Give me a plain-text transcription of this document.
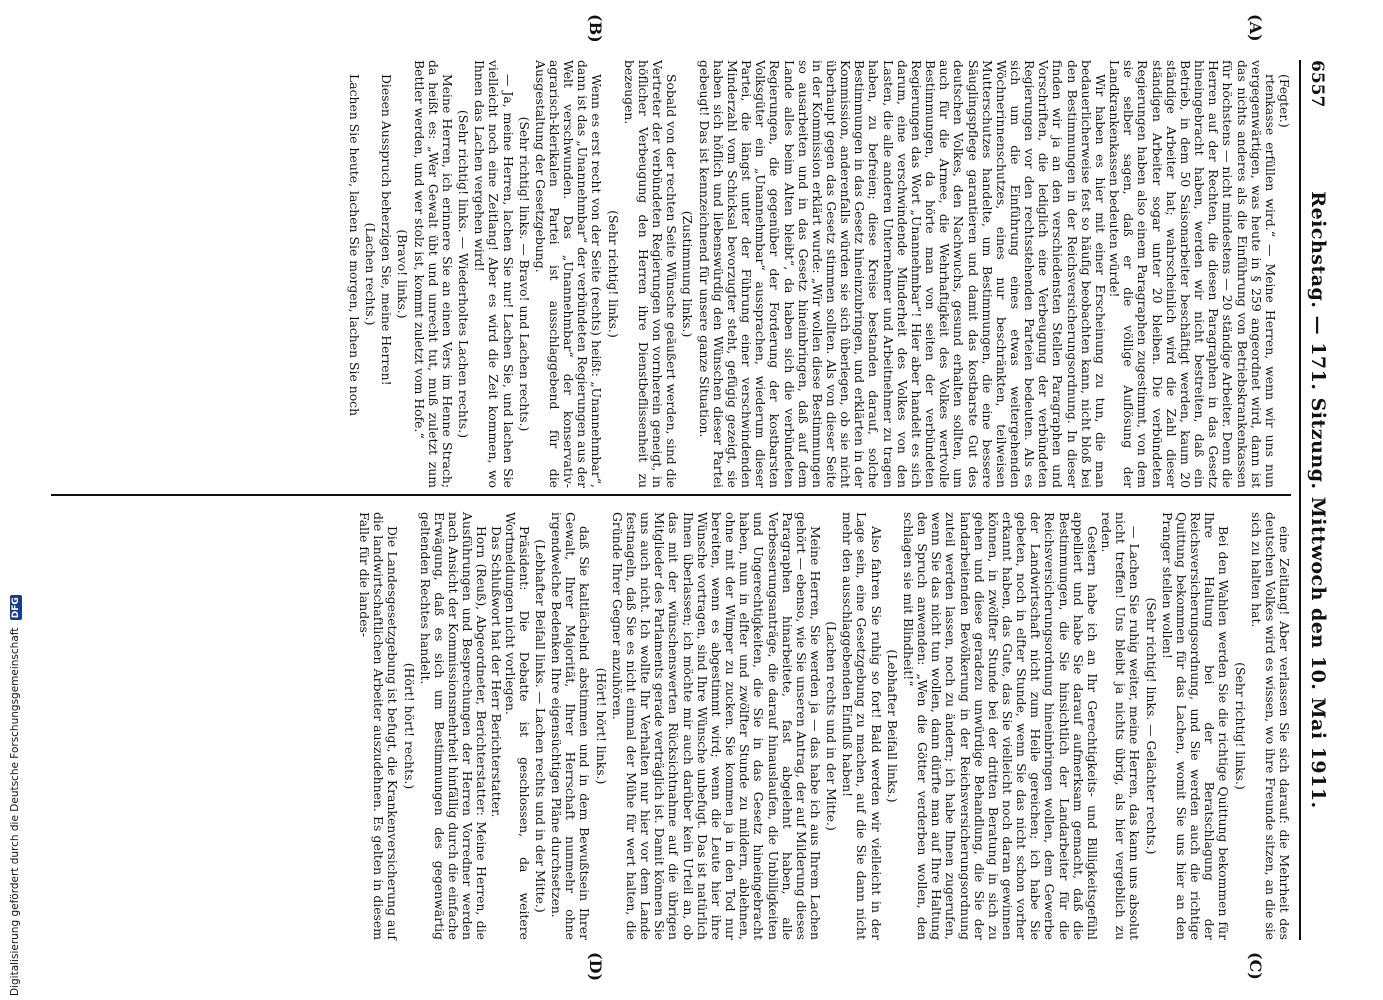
6557
Reichstag. — 171. Sitzung. Mittwoch den 10. Mai 1911.
(C)
(D)
(A)
(B)

(Fegter.)

rtenkasse erfüllen wird.“ — Meine Herren, wenn wir uns nun vergegenwärtigen, was heute in § 259 angeordnet wird, dann ist das nichts anderes als die Einführung von Betriebskrankenkassen für höchstens — nicht mindestens — 20 ständige Arbeiter. Denn die Herren auf der Rechten, die diesen Paragraphen in das Gesetz hineingebracht haben, werden wir nicht bestreiten, daß ein Betrieb, in dem 50 Saisonarbeiter beschäftigt werden, kaum 20 ständige Arbeiter hat; wahrscheinlich wird die Zahl dieser ständigen Arbeiter sogar unter 20 bleiben. Die verbündeten Regierungen haben also einem Paragraphen zugestimmt, von dem sie selber sagen, daß er die völlige Auflösung der Landkrankenkassen bedeuten würde!

Wir haben es hier mit einer Erscheinung zu tun, die man bedauerlicherweise fest so häufig beobachten kann, nicht bloß bei den Bestimmungen in der Reichsversicherungsordnung. In dieser finden wir ja an den verschiedensten Stellen Paragraphen und Vorschriften, die lediglich eine Verbeugung der verbündeten Regierungen vor den rechtsstehenden Parteien bedeuten. Als es sich um die Einführung eines etwas weitergehenden Wöchnerinnenschutzes, eines nur beschränkten, teilweisen Mutterschutzes handelte, um Bestimmungen, die eine bessere Säuglingspflege garantieren und damit das kostbarste Gut des deutschen Volkes, den Nachwuchs, gesund erhalten sollten, um auch für die Armee, die Wehrhaftigkeit des Volkes wertvolle Bestimmungen, da hörte man von seiten der verbündeten Regierungen das Wort „Unannehmbar“! Hier aber handelt es sich darum, eine verschwindende Minderheit des Volkes von den Lasten, die alle anderen Unternehmer und Arbeitnehmer zu tragen haben, zu befreien; diese Kreise bestanden darauf, solche Bestimmungen in das Gesetz hineinzubringen, und erklärten in der Kommission, anderenfalls würden sie sich überlegen, ob sie nicht überhaupt gegen das Gesetz stimmen sollten. Als von dieser Seite in der Kommission erklärt wurde: „Wir wollen diese Bestimmungen so ausarbeiten und in das Gesetz hineinbringen, daß auf dem Lande alles beim Alten bleibt“, da haben sich die verbündeten Regierungen, die gegenüber der Forderung der kostbarsten Volksgüter ein „Unannehmbar“ aussprachen, wiederum dieser Partei, die längst unter der Führung einer verschwindenden Minderzahl vom Schicksal bevorzugter steht, gefügig gezeigt, sie haben sich höflich und liebenswürdig den Wünschen dieser Partei gebeugt! Das ist kennzeichnend für unsere ganze Situation.

(Zustimmung links.)

Sobald von der rechten Seite Wünsche geäußert werden, sind die Vertreter der verbündeten Regierungen von vornherein geneigt, in höflicher Verbeugung den Herren ihre Dienstbeflissenheit zu bezeugen.

(Sehr richtig! links.)

Wenn es erst recht von der Seite (rechts) heißt: „Unannehmbar“, dann ist das „Unannehmbar“ der verbündeten Regierungen aus der Welt verschwunden. Das „Unannehmbar“ der konservativ-agrarisch-klerikalen Partei ist ausschlaggebend für die Ausgestaltung der Gesetzgebung.

(Sehr richtig! links. — Bravo! und Lachen rechts.)

— Ja, meine Herren, lachen Sie nur! Lachen Sie, und lachen Sie vielleicht noch eine Zeitlang! Aber es wird die Zeit kommen, wo Ihnen das Lachen vergehen wird!

(Sehr richtig! links. — Wiederholtes Lachen rechts.)

Meine Herren, ich erinnere Sie an einen Vers im Henne Strach; da heißt es: „Wer Gewalt übt und unrecht tut, muß zuletzt zum Bettler werden, und wer stolz ist, kommt zuletzt vom Hofe.“

(Bravo! links.)

Diesen Ausspruch beherzigen Sie, meine Herren!

(Lachen rechts.)

Lachen Sie heute, lachen Sie morgen, lachen Sie noch

eine Zeitlang! Aber verlassen Sie sich darauf: die Mehrheit des deutschen Volkes wird es wissen, wo ihre Freunde sitzen, an die sie sich zu halten hat.

(Sehr richtig! links.)

Bei den Wahlen werden Sie die richtige Quittung bekommen für Ihre Haltung bei der Beratschlagung der Reichsversicherungsordnung, und Sie werden auch die richtige Quittung bekommen für das Lachen, womit Sie uns hier an den Pranger stellen wollen!

(Sehr richtig! links. — Gelächter rechts.)

— Lachen Sie ruhig weiter, meine Herren, das kann uns absolut nicht treffen! Uns bleibt ja nichts übrig, als hier vergeblich zu reden.

Gestern habe ich an Ihr Gerechtigkeits- und Billigkeitsgefühl appelliert und habe Sie darauf aufmerksam gemacht, daß die Bestimmungen, die Sie hinsichtlich der Landarbeiter für die Reichsversicherungsordnung hineinbringen wollen, dem Gewerbe der Landwirtschaft nicht zum Heile gereichen; ich habe Sie gebeten, noch in elfter Stunde, wenn Sie das nicht schon vorher erkannt haben, das Gute, das Sie vielleicht noch daran gewinnen können, in zwölfter Stunde bei der dritten Beratung in sich zu gehen und diese geradezu unwürdige Behandlung, die Sie der landarbeitenden Bevölkerung in der Reichsversicherungsordnung zuteil werden lassen, noch zu ändern; ich habe Ihnen zugerufen, wenn Sie das nicht tun wollen, dann dürfte man auf Ihre Haltung den Spruch anwenden: „Wen die Götter verderben wollen, den schlagen sie mit Blindheit!“

(Lebhafter Beifall links.)

Also fahren Sie ruhig so fort! Bald werden wir vielleicht in der Lage sein, eine Gesetzgebung zu machen, auf die Sie dann nicht mehr den ausschlaggebenden Einfluß haben!

(Lachen rechts und in der Mitte.)

Meine Herren, Sie werden ja — das habe ich aus Ihrem Lachen gehört — ebenso, wie Sie unseren Antrag, der auf Milderung dieses Paragraphen hinarbeitete, fast abgelehnt haben, alle Verbesserungsanträge, die darauf hinauslaufen, die Unbilligkeiten und Ungerechtigkeiten, die Sie in das Gesetz hineingebracht haben, nun in elfter und zwölfter Stunde zu mildern, ablehnen, ohne mit der Wimper zu zucken. Sie kommen ja in den Tod nur bereiten, wenn es abgestimmt wird; wenn die Leute hier ihre Wünsche vortragen, sind Ihre Wünsche unbefugt. Das ist natürlich Ihnen überlassen; ich möchte mir auch darüber kein Urteil an, ob das mit der wünschenswerten Rücksichtnahme auf die übrigen Mitglieder des Parlaments gerade verträglich ist. Damit können Sie uns auch nicht. Ich wollte Ihr Verhalten nur hier vor dem Lande festnageln, daß Sie es nicht einmal der Mühe für wert halten, die Gründe Ihrer Gegner anzuhören.

(Hört! hört! links.)

daß Sie kaltlächelnd abstimmen und in dem Bewußtsein Ihrer Gewalt, Ihrer Majorität, Ihrer Herrschaft nunmehr ohne irgendwelche Bedenken Ihre eigensüchtigen Pläne durchsetzen.

(Lebhafter Beifall links. — Lachen rechts und in der Mitte.)

Präsident: Die Debatte ist geschlossen, da weitere Wortmeldungen nicht vorliegen.

Das Schlußwort hat der Herr Berichterstatter.

Horn (Reuß), Abgeordneter, Berichterstatter: Meine Herren, die Ausführungen und Besprechungen der Herren Vorredner werden nach Ansicht der Kommissionsmehrheit hinfällig durch die einfache Erwägung, daß es sich um Bestimmungen des gegenwärtig geltenden Rechtes handelt.

(Hört! hört! rechts.)

Die Landesgesetzgebung ist befugt, die Krankenversicherung auf die landwirtschaftlichen Arbeiter auszudehnen. Es gelten in diesem Falle für die landes-

Digitalisierung gefördert durch die Deutsche Forschungsgemeinschaft DFG
